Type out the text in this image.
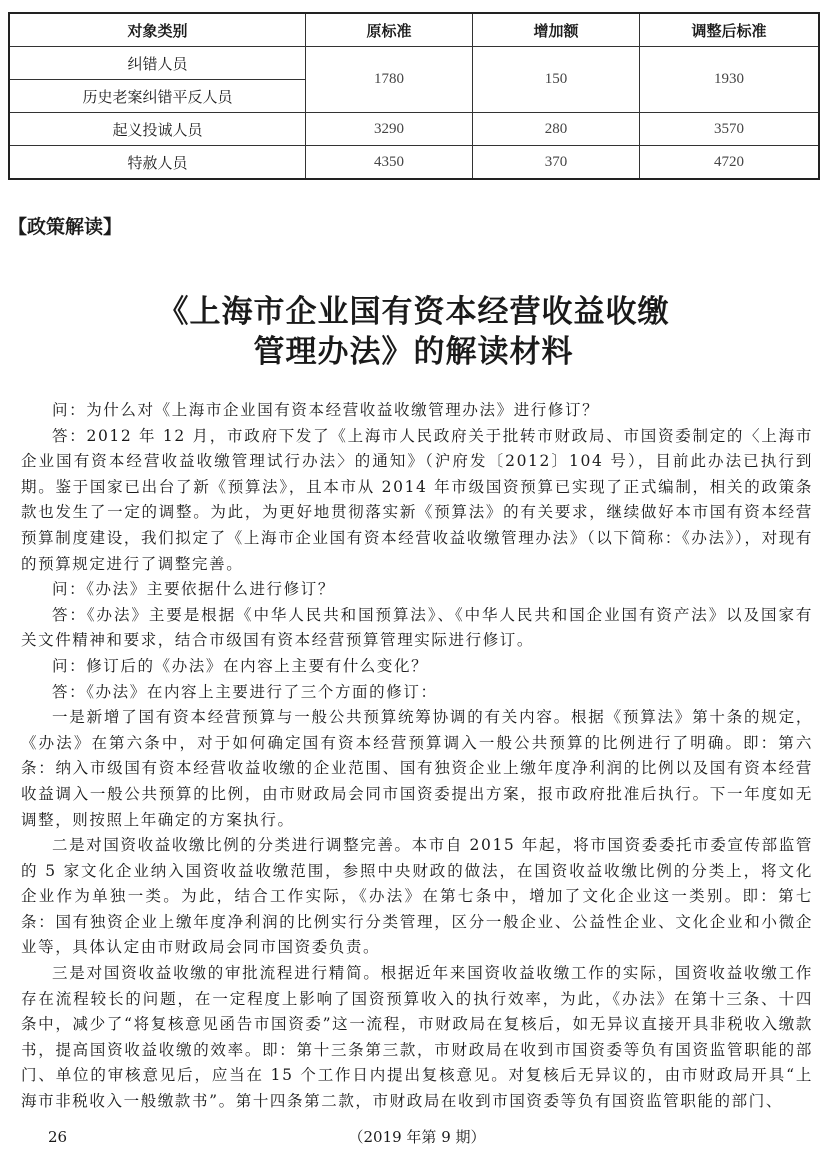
对象类别	原标准	增加额	调整后标准
纠错人员	1780	150	1930
历史老案纠错平反人员			
起义投诚人员	3290	280	3570
特赦人员	4350	370	4720
【政策解读】
《上海市企业国有资本经营收益收缴
管理办法》的解读材料

问：为什么对《上海市企业国有资本经营收益收缴管理办法》进行修订？

答：2012 年 12 月，市政府下发了《上海市人民政府关于批转市财政局、市国资委制定的〈上海市企业国有资本经营收益收缴管理试行办法〉的通知》（沪府发〔2012〕104 号），目前此办法已执行到期。鉴于国家已出台了新《预算法》，且本市从 2014 年市级国资预算已实现了正式编制，相关的政策条款也发生了一定的调整。为此，为更好地贯彻落实新《预算法》的有关要求，继续做好本市国有资本经营预算制度建设，我们拟定了《上海市企业国有资本经营收益收缴管理办法》（以下简称：《办法》），对现有的预算规定进行了调整完善。

问：《办法》主要依据什么进行修订？

答：《办法》主要是根据《中华人民共和国预算法》、《中华人民共和国企业国有资产法》以及国家有关文件精神和要求，结合市级国有资本经营预算管理实际进行修订。

问：修订后的《办法》在内容上主要有什么变化？

答：《办法》在内容上主要进行了三个方面的修订：

一是新增了国有资本经营预算与一般公共预算统筹协调的有关内容。根据《预算法》第十条的规定，《办法》在第六条中，对于如何确定国有资本经营预算调入一般公共预算的比例进行了明确。即：第六条：纳入市级国有资本经营收益收缴的企业范围、国有独资企业上缴年度净利润的比例以及国有资本经营收益调入一般公共预算的比例，由市财政局会同市国资委提出方案，报市政府批准后执行。下一年度如无调整，则按照上年确定的方案执行。

二是对国资收益收缴比例的分类进行调整完善。本市自 2015 年起，将市国资委委托市委宣传部监管的 5 家文化企业纳入国资收益收缴范围，参照中央财政的做法，在国资收益收缴比例的分类上，将文化企业作为单独一类。为此，结合工作实际，《办法》在第七条中，增加了文化企业这一类别。即：第七条：国有独资企业上缴年度净利润的比例实行分类管理，区分一般企业、公益性企业、文化企业和小微企业等，具体认定由市财政局会同市国资委负责。

三是对国资收益收缴的审批流程进行精简。根据近年来国资收益收缴工作的实际，国资收益收缴工作存在流程较长的问题，在一定程度上影响了国资预算收入的执行效率，为此，《办法》在第十三条、十四条中，减少了“将复核意见函告市国资委”这一流程，市财政局在复核后，如无异议直接开具非税收入缴款书，提高国资收益收缴的效率。即：第十三条第三款，市财政局在收到市国资委等负有国资监管职能的部门、单位的审核意见后，应当在 15 个工作日内提出复核意见。对复核后无异议的，由市财政局开具“上海市非税收入一般缴款书”。第十四条第二款，市财政局在收到市国资委等负有国资监管职能的部门、

26	（2019 年第 9 期）
